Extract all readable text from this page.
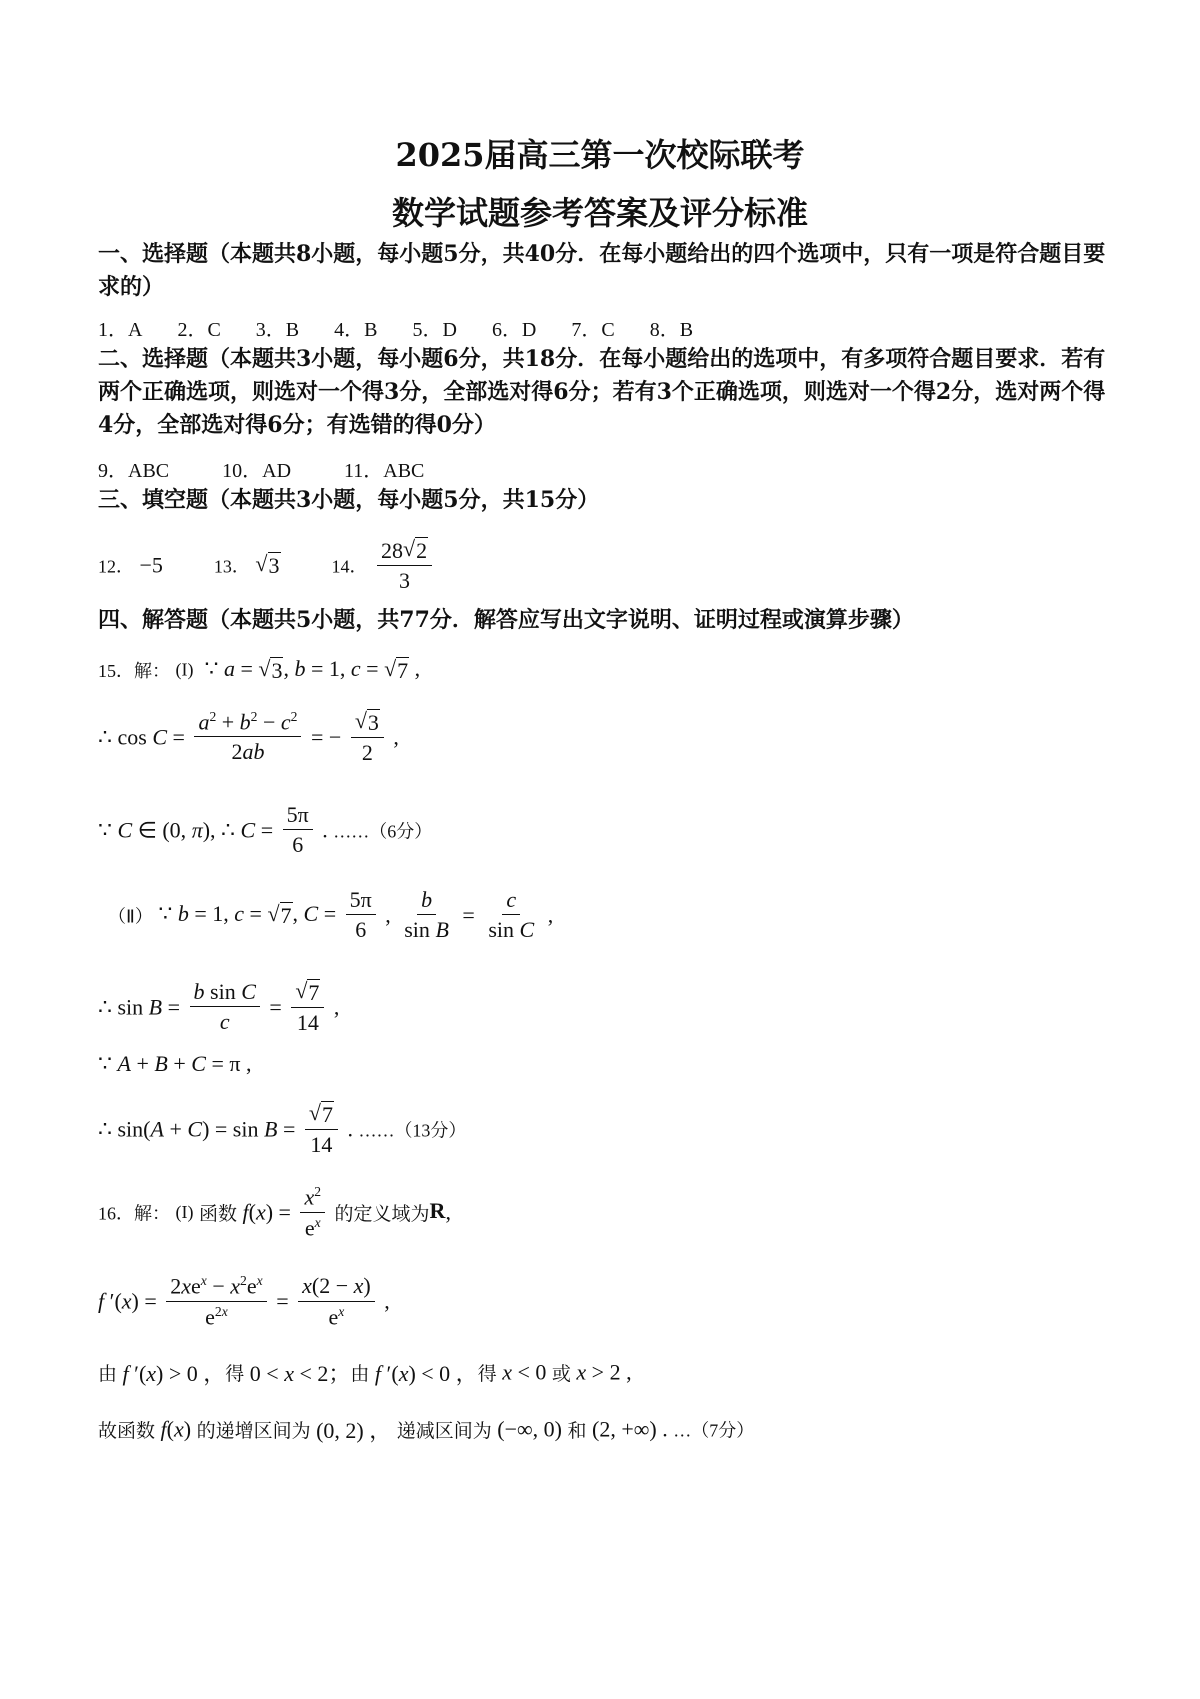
2025届高三第一次校际联考
数学试题参考答案及评分标准
一、选择题（本题共8小题，每小题5分，共40分．在每小题给出的四个选项中，只有一项是符合题目要求的）
1．A 2．C 3．B 4．B 5．D 6．D 7．C 8．B
二、选择题（本题共3小题，每小题6分，共18分．在每小题给出的选项中，有多项符合题目要求．若有两个正确选项，则选对一个得3分，全部选对得6分；若有3个正确选项，则选对一个得2分，选对两个得4分，全部选对得6分；有选错的得0分）
9．ABC	10．AD	11．ABC
三、填空题（本题共3小题，每小题5分，共15分）
12． −5	13． √3	14． $\frac{28√2}{3}$
四、解答题（本题共5小题，共77分．解答应写出文字说明、证明过程或演算步骤）
15．解： (I)  ∵ a = √3, b = 1, c = √7 ,
∴ $\cos C = \frac{a^2 + b^2 - c^2}{2ab}$ = − $\frac{√3}{2}$ ,
∵ C ∈ (0, π), ∴ $C = \frac{5\pi}{6}$ . ……（6分）
（Ⅱ） ∵ b = 1, c = √7, $C = \frac{5\pi}{6}$ , $\frac{b}{\text{sin B}} = \frac{c}{\text{sin C}}$ ,
∴ $\sin B = \frac{\text{b sin C}}{c} = \frac{√7}{14}$ ,
∵ A + B + C = π ,
∴ $\sin(A + C) = \sin B = \frac{√7}{14}$ . ……（13分）
16．解： (I) 函数 $f(x) = \frac{x^2}{e^x}$ 的定义域为R,
f $'(x) = \frac{2xe^x - x^2e^x}{e^{2x}} = \frac{x(2 - x)}{e^x}$ ,
由 f ′(x) > 0 ，得 0 < x < 2；由 f ′(x) < 0 ，得 x < 0 或 x > 2 ,
故函数 f(x) 的递增区间为 (0, 2) ， 递减区间为 (−∞, 0) 和 (2, +∞) . …（7分）
